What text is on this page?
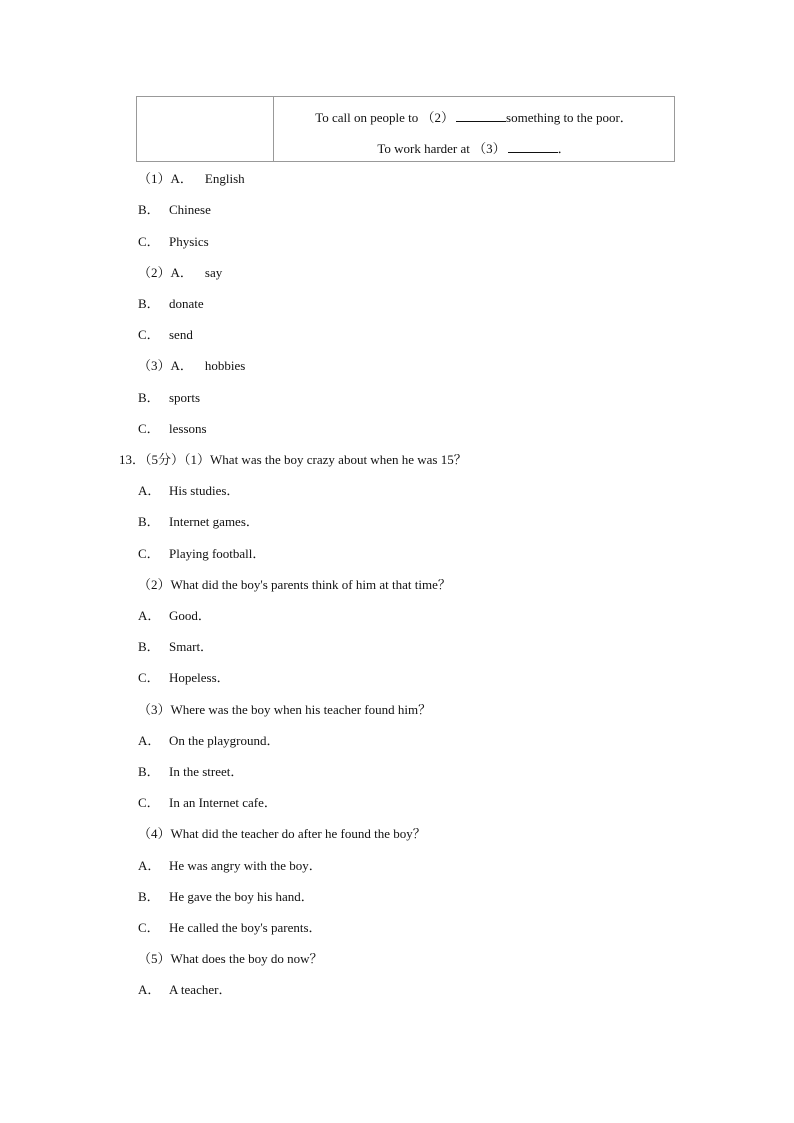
To call on people to （2）	something to the poor．
To work harder at （3）	．
（1）A． English
B． Chinese
C． Physics
（2）A． say
B． donate
C． send
（3）A． hobbies
B． sports
C． lessons
13．（5分）（1）What was the boy crazy about when he was 15？
A． His studies．
B． Internet games．
C． Playing football．
（2）What did the boy's parents think of him at that time？
A． Good．
B． Smart．
C． Hopeless．
（3）Where was the boy when his teacher found him？
A． On the playground．
B． In the street．
C． In an Internet cafe．
（4）What did the teacher do after he found the boy？
A． He was angry with the boy．
B． He gave the boy his hand．
C． He called the boy's parents．
（5）What does the boy do now？
A． A teacher．
